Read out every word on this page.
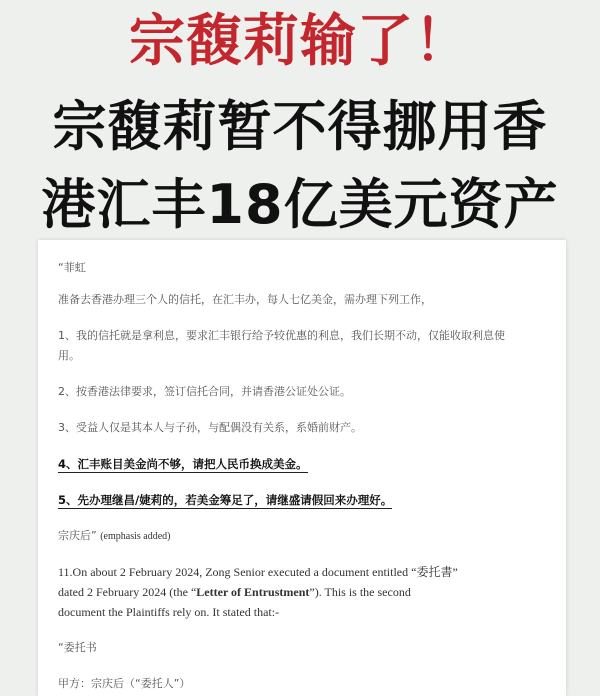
宗馥莉输了！
宗馥莉暂不得挪用香
港汇丰18亿美元资产
“菲虹
准备去香港办理三个人的信托，在汇丰办，每人七亿美金，需办理下列工作，
1、我的信托就是拿利息，要求汇丰银行给予较优惠的利息，我们长期不动，仅能收取利息使
用。
2、按香港法律要求，签订信托合同，并请香港公证处公证。
3、受益人仅是其本人与子孙，与配偶没有关系，系婚前财产。
4、汇丰账目美金尚不够，请把人民币换成美金。
5、先办理继昌/婕莉的，若美金筹足了，请继盛请假回来办理好。
宗庆后” (emphasis added)
11.On about 2 February 2024, Zong Senior executed a document entitled “委托書”
dated 2 February 2024 (the “Letter of Entrustment”). This is the second
document the Plaintiffs rely on. It stated that:-
“委托书
甲方：宗庆后（“委托人”）
